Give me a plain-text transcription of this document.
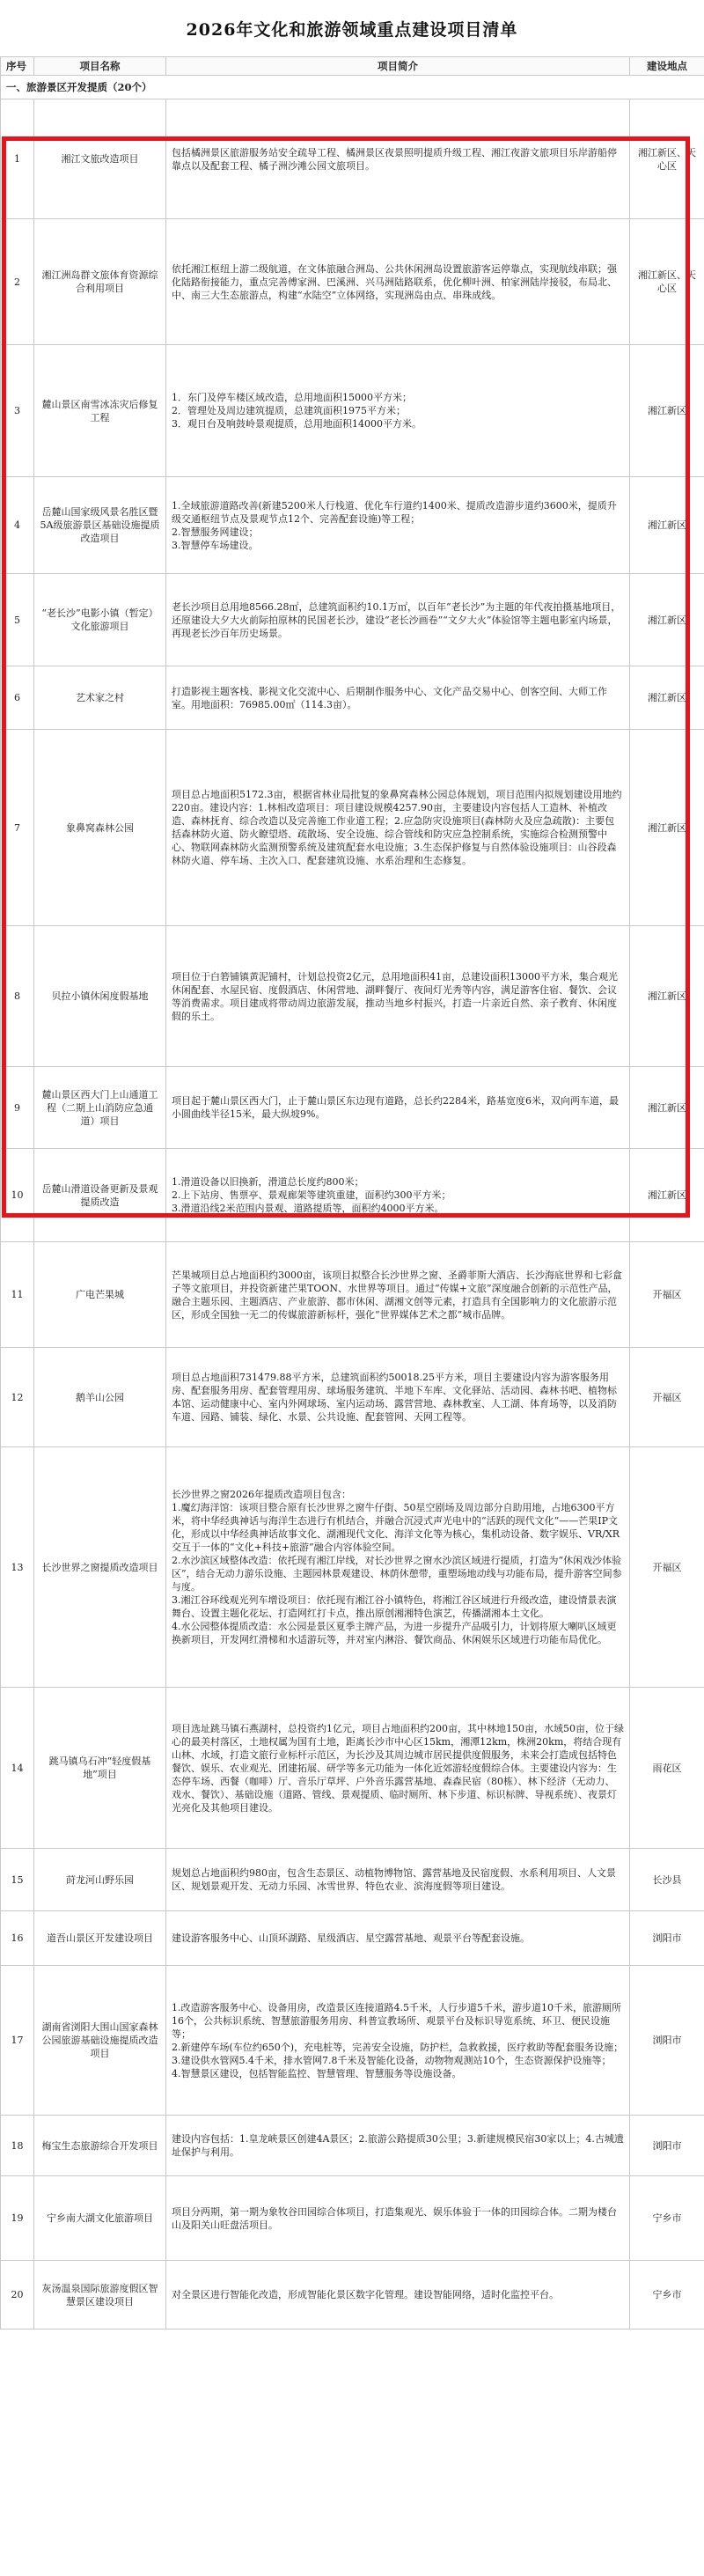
2026年文化和旅游领域重点建设项目清单
序号	项目名称	项目简介	建设地点
一、旅游景区开发提质（20个）			
1	湘江文旅改造项目	包括橘洲景区旅游服务站安全疏导工程、橘洲景区夜景照明提质升级工程、湘江夜游文旅项目乐岸游船停靠点以及配套工程、橘子洲沙滩公园文旅项目。	湘江新区、天心区
2	湘江洲岛群文旅体育资源综合利用项目	依托湘江枢纽上游二级航道，在文体旅融合洲岛、公共休闲洲岛设置旅游客运停靠点，实现航线串联；强化陆路衔接能力，重点完善傅家洲、巴溪洲、兴马洲陆路联系，优化柳叶洲、柏家洲陆岸接驳，布局北、中、南三大生态旅游点，构建“水陆空”立体网络，实现洲岛由点、串珠成线。	湘江新区、天心区
3	麓山景区南雪冰冻灾后修复工程	1．东门及停车楼区域改造，总用地面积15000平方米；
2．管理处及周边建筑提质，总建筑面积1975平方米；
3．观日台及响鼓岭景观提质，总用地面积14000平方米。	湘江新区
4	岳麓山国家级风景名胜区暨5A级旅游景区基础设施提质改造项目	1.全域旅游道路改善(新建5200米人行栈道、优化车行道约1400米、提质改造游步道约3600米，提质升级交通枢纽节点及景观节点12个、完善配套设施)等工程；
2.智慧服务网建设；
3.智慧停车场建设。	湘江新区
5	“老长沙”电影小镇（暂定）文化旅游项目	老长沙项目总用地8566.28㎡，总建筑面积约10.1万㎡，以百年“老长沙”为主题的年代夜拍摄基地项目，还原建设大夕大火前际拍原林的民国老长沙，建设“老长沙画卷”“文夕大火”体验馆等主题电影室内场景，再现老长沙百年历史场景。	湘江新区
6	艺术家之村	打造影视主题客栈、影视文化交流中心、后期制作服务中心、文化产品交易中心、创客空间、大师工作室。用地面积：76985.00㎡（114.3亩）。	湘江新区
7	象鼻窝森林公园	项目总占地面积5172.3亩，根据省林业局批复的象鼻窝森林公园总体规划，项目范围内拟规划建设用地约220亩。建设内容：1.林相改造项目：项目建设规模4257.90亩，主要建设内容包括人工造林、补植改造、森林抚育、综合改造以及完善施工作业道工程；2.应急防灾设施项目(森林防火及应急疏散)：主要包括森林防火道、防火瞭望塔、疏散场、安全设施、综合管线和防灾应急控制系统，实施综合检测预警中心、物联网森林防火监测预警系统及建筑配套水电设施；3.生态保护修复与自然体验设施项目：山谷段森林防火道、停车场、主次入口、配套建筑设施、水系治理和生态修复。	湘江新区
8	贝拉小镇休闲度假基地	项目位于白箬铺镇黄泥铺村，计划总投资2亿元，总用地面积41亩，总建设面积13000平方米，集合观光休闲配套、水屋民宿、度假酒店、休闲营地、湖畔餐厅、夜间灯光秀等内容，满足游客住宿、餐饮、会议等消费需求。项目建成将带动周边旅游发展，推动当地乡村振兴，打造一片亲近自然、亲子教育、休闲度假的乐土。	湘江新区
9	麓山景区西大门上山通道工程（二期上山消防应急通道）项目	项目起于麓山景区西大门，止于麓山景区东边现有道路，总长约2284米，路基宽度6米，双向两车道，最小圆曲线半径15米，最大纵坡9%。	湘江新区
10	岳麓山滑道设备更新及景观提质改造	1.滑道设备以旧换新，滑道总长度约800米；
2.上下站房、售票亭、景观廊架等建筑重建，面积约300平方米；
3.滑道沿线2米范围内景观、道路提质等，面积约4000平方米。	湘江新区
11	广电芒果城	芒果城项目总占地面积约3000亩，该项目拟整合长沙世界之窗、圣爵菲斯大酒店、长沙海底世界和七彩盒子等文旅项目，并投资新建芒果TOON、水世界等项目。通过“传媒+文旅”深度融合创新的示范性产品，融合主题乐园、主题酒店、产业旅游、都市休闲、湖湘文创等元素，打造具有全国影响力的文化旅游示范区，形成全国独一无二的传媒旅游新标杆，强化“世界媒体艺术之都”城市品牌。	开福区
12	鹅羊山公园	项目总占地面积731479.88平方米，总建筑面积约50018.25平方米，项目主要建设内容为游客服务用房、配套服务用房、配套管理用房、球场服务建筑、半地下车库、文化驿站、活动园、森林书吧、植物标本馆、运动健康中心、室内外网球场、室内运动场、露营营地、森林教室、人工湖、体育场等，以及消防车道、园路、铺装、绿化、水景、公共设施、配套管网、天网工程等。	开福区
13	长沙世界之窗提质改造项目	长沙世界之窗2026年提质改造项目包含：
1.魔幻海洋馆：该项目整合原有长沙世界之窗牛仔街、50星空剧场及周边部分自助用地，占地6300平方米，将中华经典神话与海洋生态进行有机结合，并融合沉浸式声光电中的“活跃的现代文化”——芒果IP文化，形成以中华经典神话故事文化、湖湘现代文化、海洋文化等为核心，集机动设备、数字娱乐、VR/XR交互于一体的“文化+科技+旅游”融合内容体验空间。
2.水沙滨区域整体改造：依托现有湘江岸线，对长沙世界之窗水沙滨区域进行提质，打造为“休闲戏沙体验区”，结合无动力游乐设施、主题园林景观建设、林荫休憩带，重塑场地动线与功能布局，提升游客空间参与度。
3.湘江谷环线观光列车增设项目：依托现有湘江谷小镇特色，将湘江谷区域进行升级改造，建设情景表演舞台、设置主题化花坛、打造网红打卡点，推出原创湘湘特色演艺，传播湖湘本土文化。
4.水公园整体提质改造：水公园是景区夏季主牌产品，为进一步提升产品吸引力，计划将原大喇叭区域更换新项目，开发网红滑梯和水适游玩等，并对室内淋浴、餐饮商品、休闲娱乐区域进行功能布局优化。	开福区
14	跳马镇乌石冲“轻度假基地”项目	项目选址跳马镇石燕湖村，总投资约1亿元，项目占地面积约200亩，其中林地150亩，水域50亩，位于绿心的最美村落区，土地权属为国有土地，距离长沙市中心区15km，湘潭12km，株洲20km，将结合现有山林、水域，打造文旅行业标杆示范区，为长沙及其周边城市居民提供度假服务，未来会打造成包括特色餐饮、娱乐、农业观光、团建拓展、研学等多元功能为一体化近郊游轻度假综合体。主要建设内容为：生态停车场、西餐（咖啡）厅、音乐厅草坪、户外音乐露营基地、森森民宿（80栋）、林下经济（无动力、戏水、餐饮）、基础设施（道路、管线、景观提质、临时厕所、林下步道、标识标牌、导视系统）、夜景灯光亮化及其他项目建设。	雨花区
15	莳龙河山野乐园	规划总占地面积约980亩，包含生态景区、动植物博物馆、露营基地及民宿度假、水系利用项目、人文景区、规划景观开发、无动力乐园、冰雪世界、特色农业、滨海度假等项目建设。	长沙县
16	道吾山景区开发建设项目	建设游客服务中心、山顶环湖路、星级酒店、星空露营基地、观景平台等配套设施。	浏阳市
17	湖南省浏阳大围山国家森林公园旅游基础设施提质改造项目	1.改造游客服务中心、设备用房，改造景区连接道路4.5千米，人行步道5千米，游步道10千米，旅游厕所16个，公共标识系统、智慧旅游服务用房、科普宣教场所、观景平台及标识导览系统、环卫、便民设施等；
2.新建停车场(车位约650个)，充电桩等，完善安全设施，防护栏，急救救援，医疗救助等配套服务设施；
3.建设供水管网5.4千米，排水管网7.8千米及智能化设备，动物物观测站10个，生态资源保护设施等；
4.智慧景区建设，包括智能监控、智慧管理、智慧服务等设施设备。	浏阳市
18	梅宝生态旅游综合开发项目	建设内容包括：1.皇龙峡景区创建4A景区；2.旅游公路提质30公里；3.新建规模民宿30家以上；4.古城遗址保护与利用。	浏阳市
19	宁乡南大湖文化旅游项目	项目分两期，第一期为象牧谷田园综合体项目，打造集观光、娱乐体验于一体的田园综合体。二期为楼台山及阳关山旺盘活项目。	宁乡市
20	灰汤温泉国际旅游度假区智慧景区建设项目	对全景区进行智能化改造，形成智能化景区数字化管理。建设智能网络，适时化监控平台。	宁乡市
